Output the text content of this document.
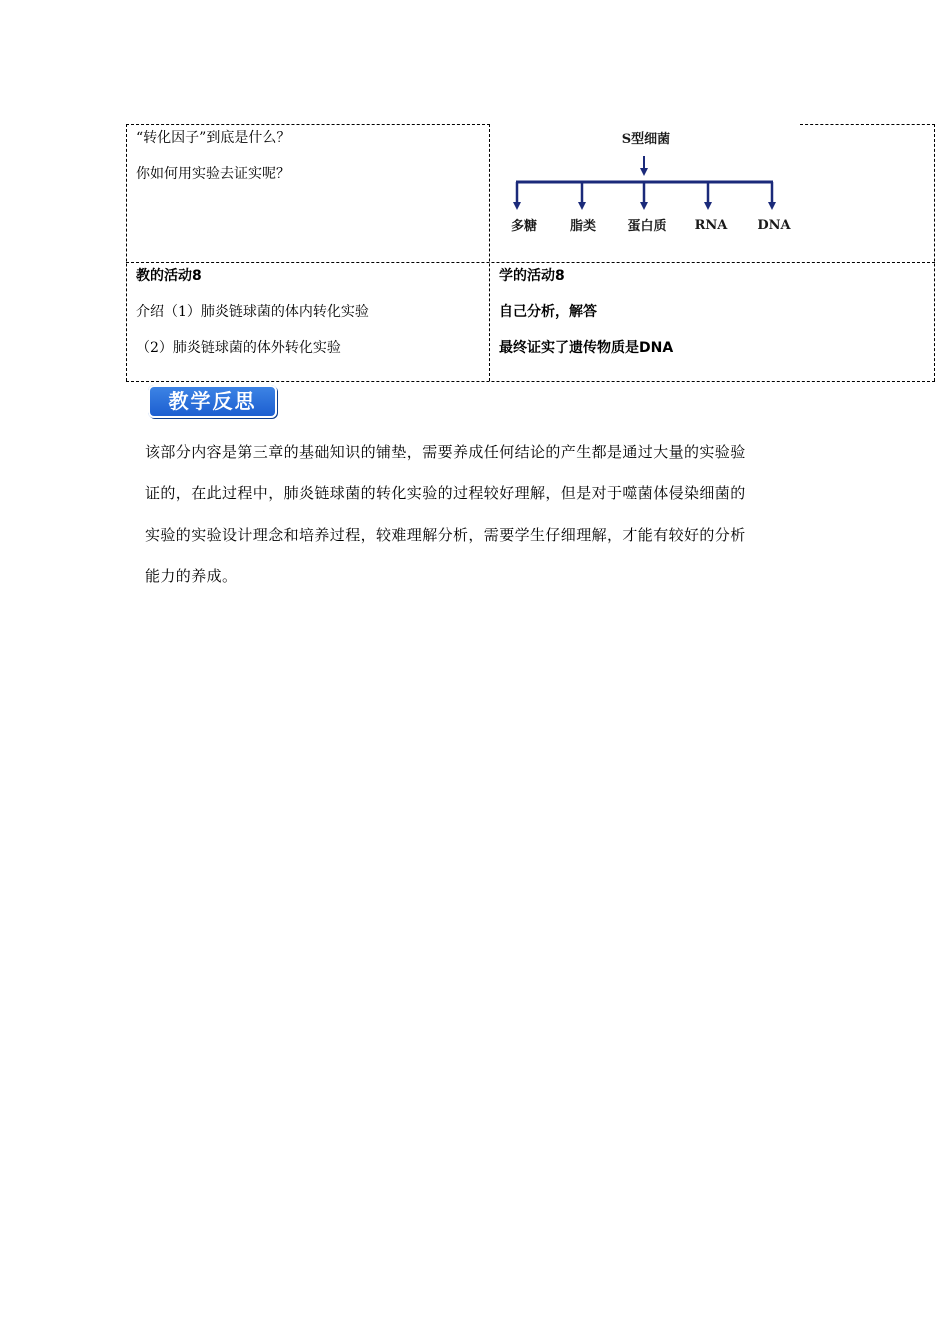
“转化因子”到底是什么？
你如何用实验去证实呢？
S型细菌
多糖	脂类 蛋白质 RNA DNA
教的活动8
介绍（1）肺炎链球菌的体内转化实验
（2）肺炎链球菌的体外转化实验
学的活动8
自己分析，解答
最终证实了遗传物质是DNA
教学反思
该部分内容是第三章的基础知识的铺垫，需要养成任何结论的产生都是通过大量的实验验
证的，在此过程中，肺炎链球菌的转化实验的过程较好理解，但是对于噬菌体侵染细菌的
实验的实验设计理念和培养过程，较难理解分析，需要学生仔细理解，才能有较好的分析
能力的养成。
